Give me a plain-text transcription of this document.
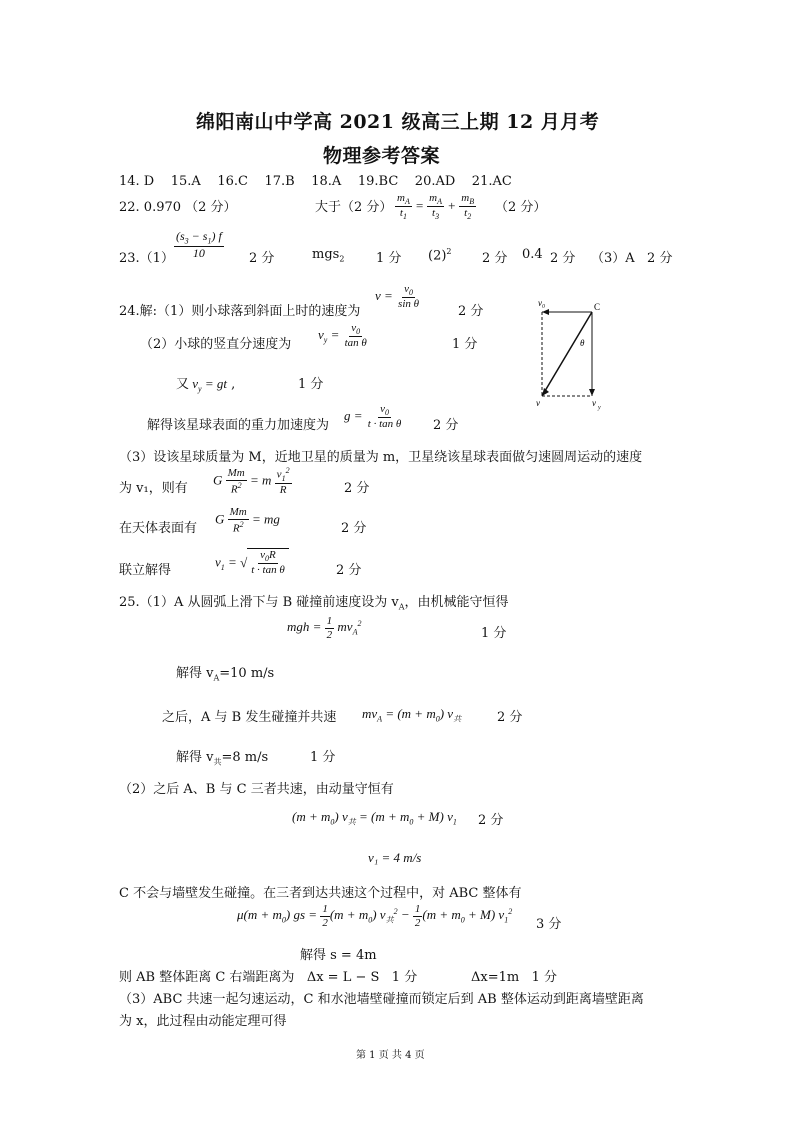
绵阳南山中学高 2021 级高三上期 12 月月考
物理参考答案
14. D    15.A    16.C    17.B    18.A    19.BC    20.AD    21.AC
22. 0.970 （2 分）	大于（2 分） $\frac{m_A}{t_1} = \frac{m_A}{t_3} + \frac{m_B}{t_2} (2$ 分）
$23.(1) \frac{(s_3 - s_1) f}{10} 2$ 分	mgs$_2$ 1 分 $(2)^2$ 2 分 0.4 2 分 （3）A   2 分
24.解:（1）则小球落到斜面上时的速度为
$v = \frac{v_0}{\text{sin θ}}$
2 分
（2）小球的竖直分速度为
$v_y = \frac{v_0}{\text{tan θ}}$	1 分
又 $v_y$ = gt ,	1 分
解得该星球表面的重力加速度为
$g = \frac{v_0}{\text{t · tan θ}} 2$ 分
（3）设该星球质量为 M，近地卫星的质量为 m，卫星绕该星球表面做匀速圆周运动的速度
为 v₁，则有
G $\frac{Mm}{R^2} = m \frac{v_1^2}{R}$	2 分
在天体表面有
G $\frac{Mm}{R^2}$ = mg
2 分
联立解得
$v_1$ = √ $\frac{v_0R}{\text{t · tan θ}}$	2 分
v₀	C
θ
v	v y
25.（1）A 从圆弧上滑下与 B 碰撞前速度设为 $v_A$，由机械能守恒得
mgh = $\frac{1}{2} mv_A^2$
1 分
解得 $v_A=10$ m/s
之后，A 与 B 发生碰撞并共速 $mv_A = (m + m_0)$ $v_共$	2 分
解得 $v_共=8$ m/s	1 分
（2）之后 A、B 与 C 三者共速，由动量守恒有
$(m + m_0)$ $v_共 = (m + m_0 + M)$ $v_1$ 2 分
v₁ = 4 m/s
C 不会与墙壁发生碰撞。在三者到达共速这个过程中，对 ABC 整体有
$\mu(m + m_0)$ gs = $\frac{1}{2} (m + m_0) v_共^2 - \frac{1}{2} (m + m_0 + M)$ $v_1^2$
3 分
解得 s = 4m
则 AB 整体距离 C 右端距离为   Δx = L − S   1 分	Δx=1m   1 分
（3）ABC 共速一起匀速运动，C 和水池墙壁碰撞而锁定后到 AB 整体运动到距离墙壁距离
为 x，此过程由动能定理可得
第 1 页 共 4 页
